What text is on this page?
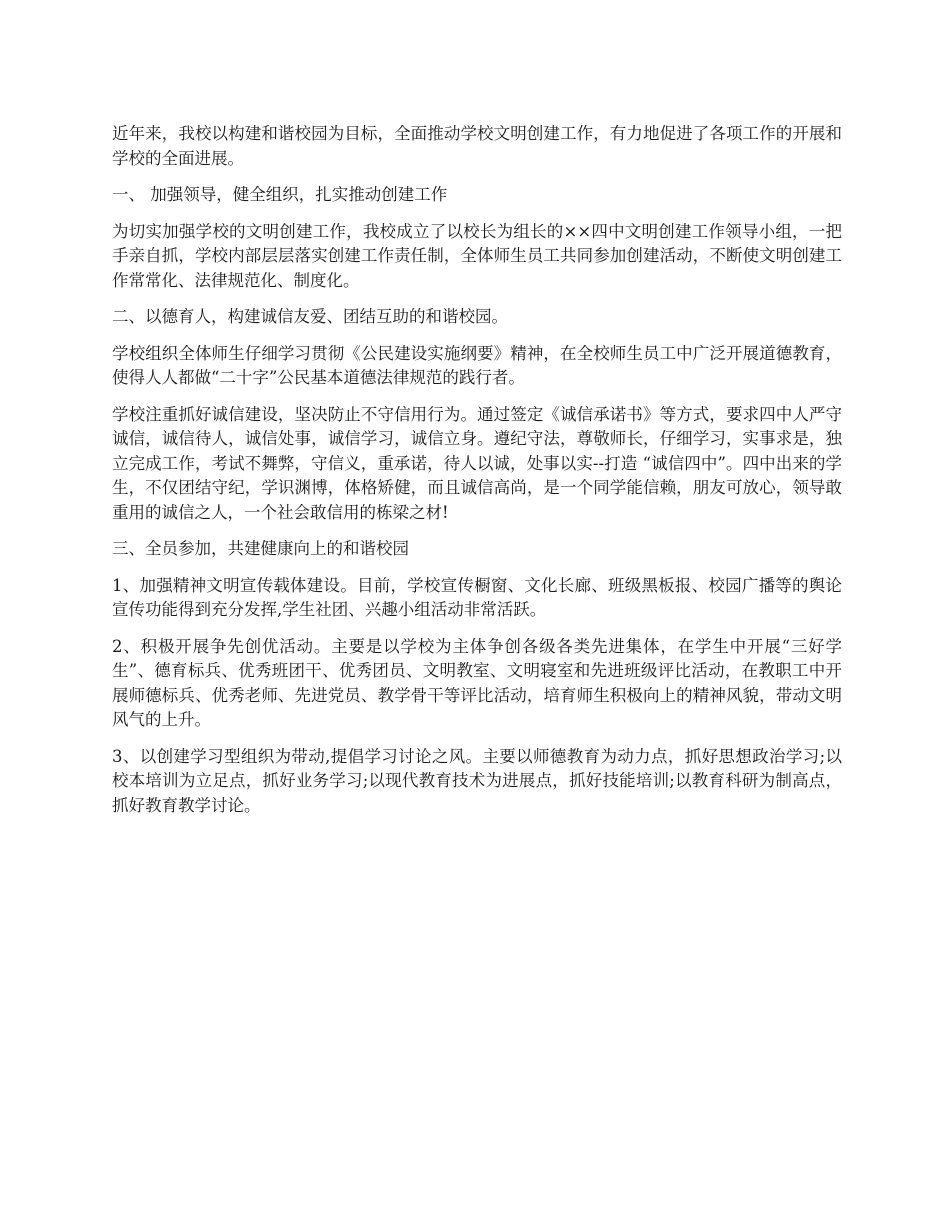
近年来，我校以构建和谐校园为目标，全面推动学校文明创建工作，有力地促进了各项工作的开展和学校的全面进展。

一、 加强领导，健全组织，扎实推动创建工作

为切实加强学校的文明创建工作，我校成立了以校长为组长的××四中文明创建工作领导小组，一把手亲自抓，学校内部层层落实创建工作责任制，全体师生员工共同参加创建活动，不断使文明创建工作常常化、法律规范化、制度化。

二、以德育人，构建诚信友爱、团结互助的和谐校园。

学校组织全体师生仔细学习贯彻《公民建设实施纲要》精神，在全校师生员工中广泛开展道德教育，使得人人都做“二十字”公民基本道德法律规范的践行者。

学校注重抓好诚信建设，坚决防止不守信用行为。通过签定《诚信承诺书》等方式，要求四中人严守诚信，诚信待人，诚信处事，诚信学习，诚信立身。遵纪守法，尊敬师长，仔细学习，实事求是，独立完成工作，考试不舞弊，守信义，重承诺，待人以诚，处事以实--打造 “诚信四中”。四中出来的学生，不仅团结守纪，学识渊博，体格矫健，而且诚信高尚，是一个同学能信赖，朋友可放心，领导敢重用的诚信之人，一个社会敢信用的栋梁之材!

三、全员参加，共建健康向上的和谐校园

1、加强精神文明宣传载体建设。目前，学校宣传橱窗、文化长廊、班级黑板报、校园广播等的舆论宣传功能得到充分发挥,学生社团、兴趣小组活动非常活跃。

2、积极开展争先创优活动。主要是以学校为主体争创各级各类先进集体，在学生中开展“三好学生”、德育标兵、优秀班团干、优秀团员、文明教室、文明寝室和先进班级评比活动，在教职工中开展师德标兵、优秀老师、先进党员、教学骨干等评比活动，培育师生积极向上的精神风貌，带动文明风气的上升。

3、以创建学习型组织为带动,提倡学习讨论之风。主要以师德教育为动力点，抓好思想政治学习;以校本培训为立足点，抓好业务学习;以现代教育技术为进展点，抓好技能培训;以教育科研为制高点，抓好教育教学讨论。
